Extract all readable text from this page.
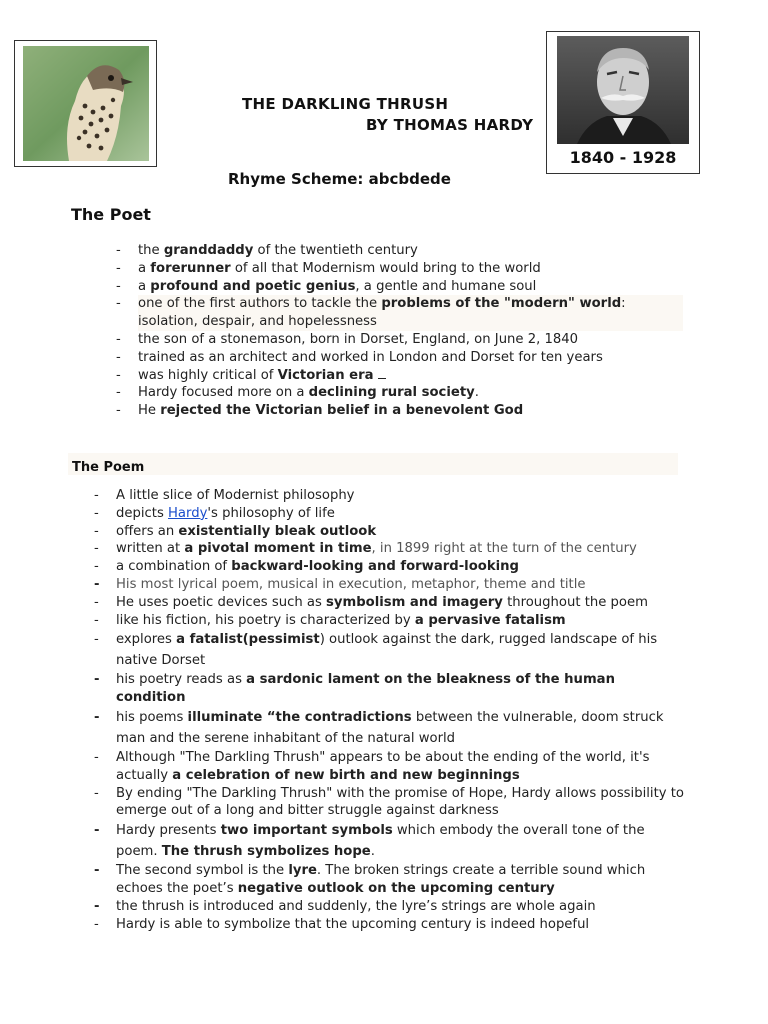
THE DARKLING THRUSH
BY THOMAS HARDY
1840 - 1928
Rhyme Scheme: abcbdede
The Poet
- the granddaddy of the twentieth century
- a forerunner of all that Modernism would bring to the world
- a profound and poetic genius, a gentle and humane soul
- one of the first authors to tackle the problems of the "modern" world: isolation, despair, and hopelessness
- the son of a stonemason, born in Dorset, England, on June 2, 1840
- trained as an architect and worked in London and Dorset for ten years
- was highly critical of Victorian era
- Hardy focused more on a declining rural society.
- He rejected the Victorian belief in a benevolent God
The Poem
- A little slice of Modernist philosophy
- depicts Hardy's philosophy of life
- offers an existentially bleak outlook
- written at a pivotal moment in time, in 1899 right at the turn of the century
- a combination of backward-looking and forward-looking
- His most lyrical poem, musical in execution, metaphor, theme and title
- He uses poetic devices such as symbolism and imagery throughout the poem
- like his fiction, his poetry is characterized by a pervasive fatalism
- explores a fatalist(pessimist) outlook against the dark, rugged landscape of his native Dorset
- his poetry reads as a sardonic lament on the bleakness of the human condition
- his poems illuminate “the contradictions between the vulnerable, doom struck man and the serene inhabitant of the natural world
- Although "The Darkling Thrush" appears to be about the ending of the world, it's actually a celebration of new birth and new beginnings
- By ending "The Darkling Thrush" with the promise of Hope, Hardy allows possibility to emerge out of a long and bitter struggle against darkness
- Hardy presents two important symbols which embody the overall tone of the poem. The thrush symbolizes hope.
- The second symbol is the lyre. The broken strings create a terrible sound which echoes the poet’s negative outlook on the upcoming century
- the thrush is introduced and suddenly, the lyre’s strings are whole again
- Hardy is able to symbolize that the upcoming century is indeed hopeful
